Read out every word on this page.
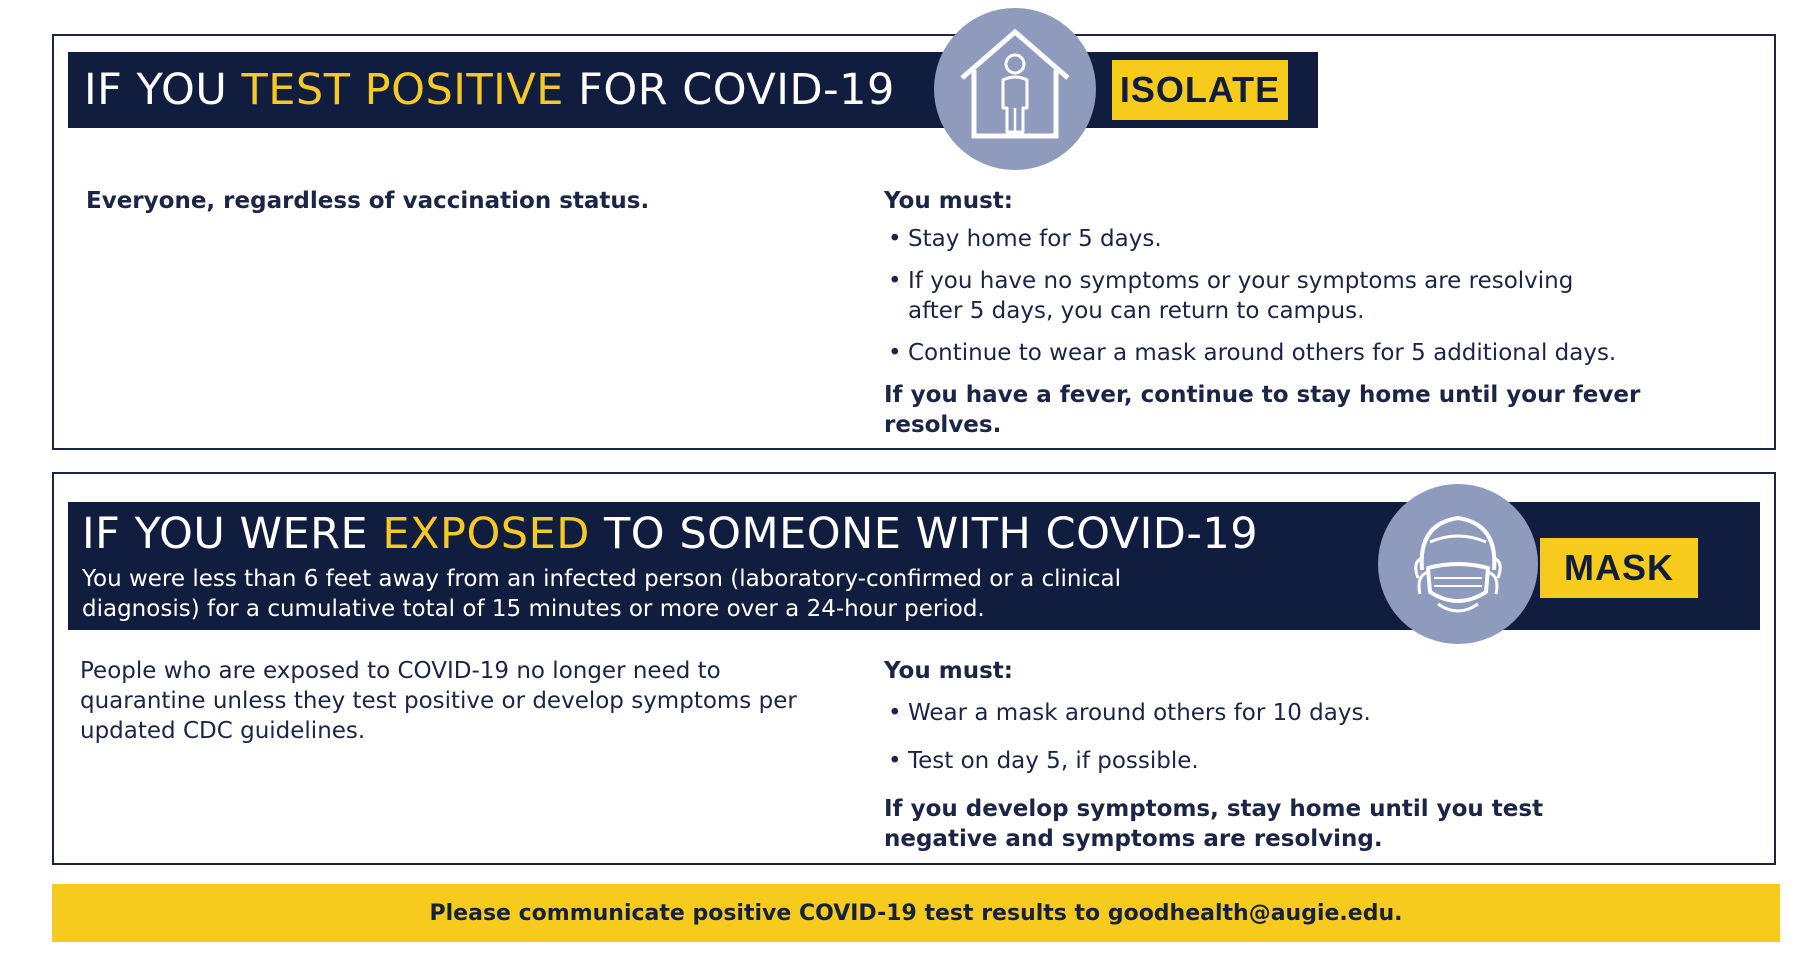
IF YOU TEST POSITIVE FOR COVID-19	ISOLATE
Everyone, regardless of vaccination status.	You must:
• Stay home for 5 days.
• If you have no symptoms or your symptoms are resolving after 5 days, you can return to campus.
• Continue to wear a mask around others for 5 additional days.
If you have a fever, continue to stay home until your fever resolves.
IF YOU WERE EXPOSED TO SOMEONE WITH COVID-19
You were less than 6 feet away from an infected person (laboratory-confirmed or a clinical diagnosis) for a cumulative total of 15 minutes or more over a 24-hour period.
MASK
People who are exposed to COVID-19 no longer need to quarantine unless they test positive or develop symptoms per updated CDC guidelines.
You must:
• Wear a mask around others for 10 days.
• Test on day 5, if possible.
If you develop symptoms, stay home until you test negative and symptoms are resolving.
Please communicate positive COVID-19 test results to goodhealth@augie.edu.
